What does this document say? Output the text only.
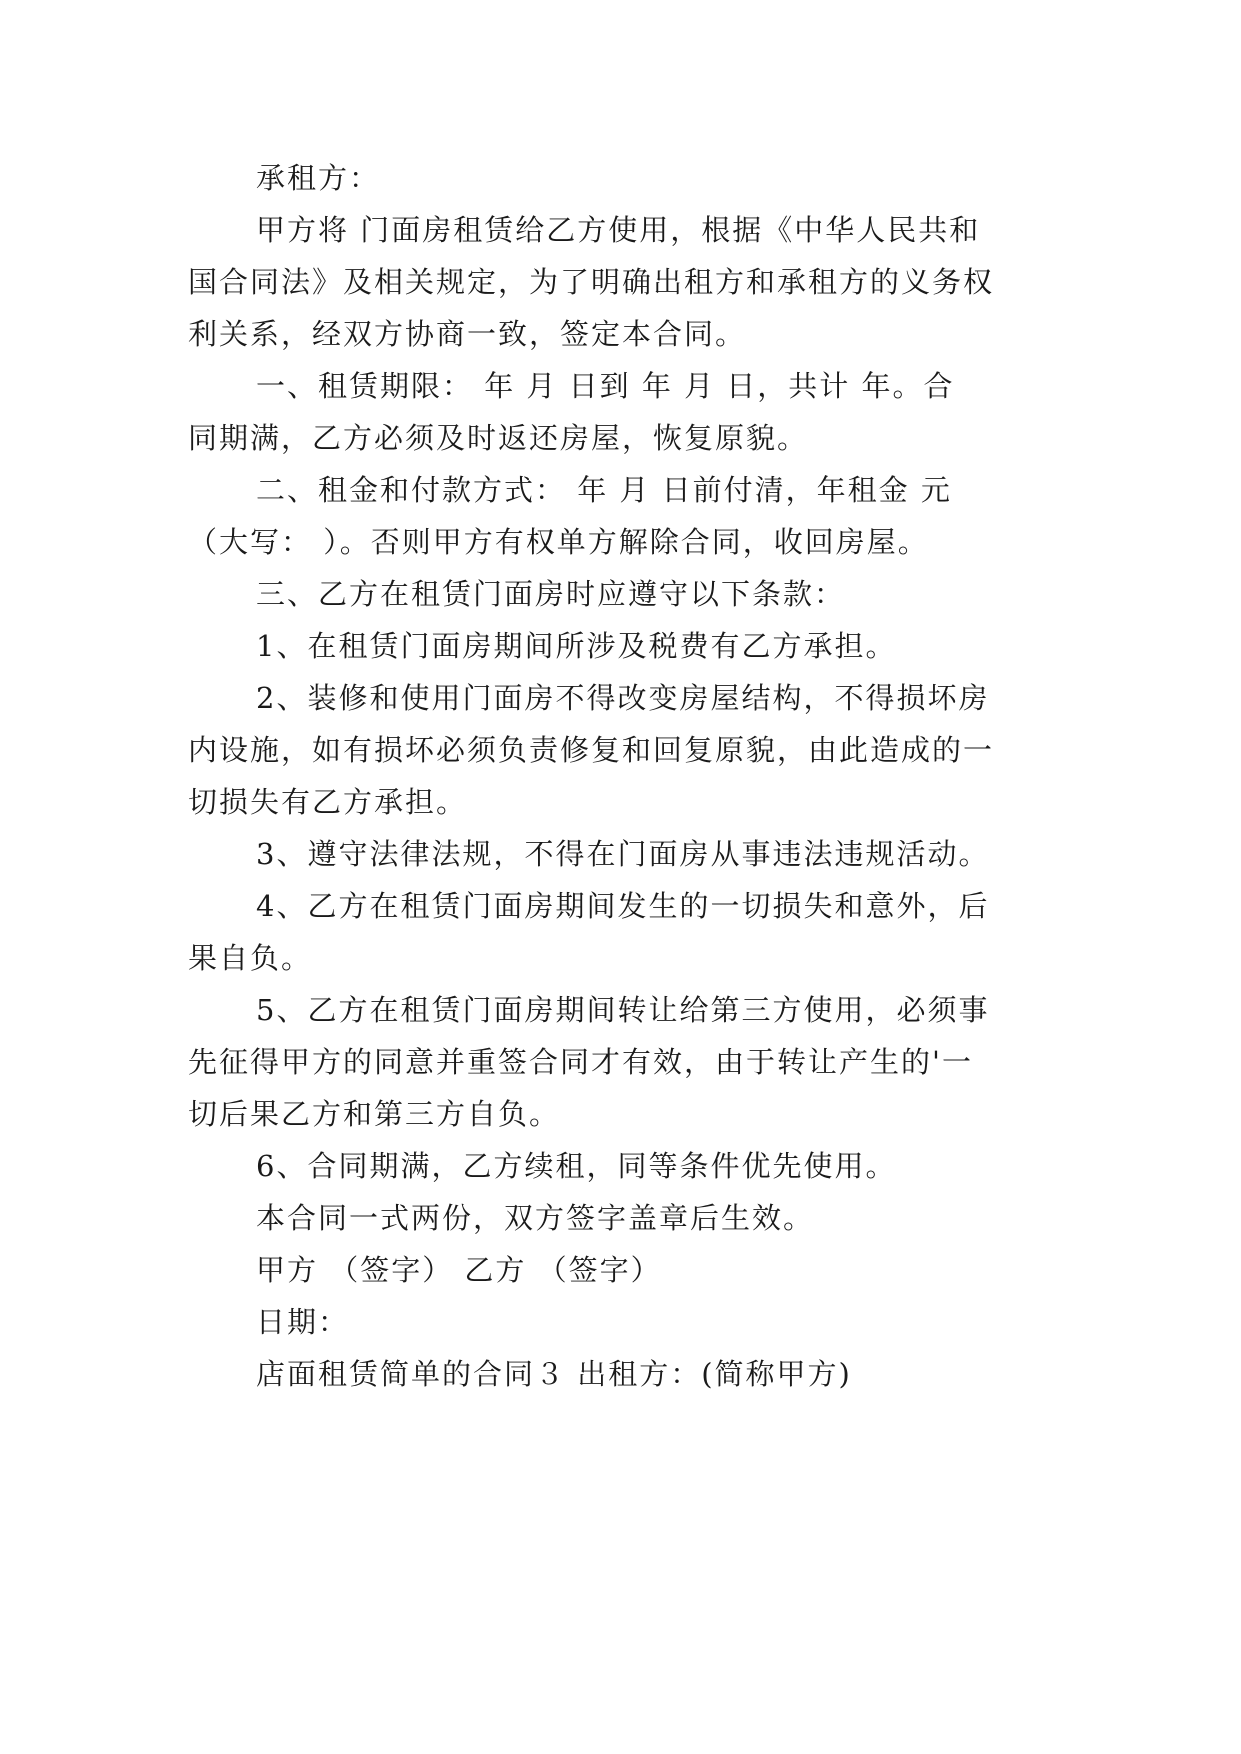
承租方：
甲方将 门面房租赁给乙方使用，根据《中华人民共和
国合同法》及相关规定，为了明确出租方和承租方的义务权
利关系，经双方协商一致，签定本合同。
一、租赁期限： 年 月 日到 年 月 日，共计 年。合
同期满，乙方必须及时返还房屋，恢复原貌。
二、租金和付款方式： 年 月 日前付清，年租金 元
（大写： ）。否则甲方有权单方解除合同，收回房屋。
三、乙方在租赁门面房时应遵守以下条款：
1、在租赁门面房期间所涉及税费有乙方承担。
2、装修和使用门面房不得改变房屋结构，不得损坏房
内设施，如有损坏必须负责修复和回复原貌，由此造成的一
切损失有乙方承担。
3、遵守法律法规，不得在门面房从事违法违规活动。
4、乙方在租赁门面房期间发生的一切损失和意外，后
果自负。
5、乙方在租赁门面房期间转让给第三方使用，必须事
先征得甲方的同意并重签合同才有效，由于转让产生的'一
切后果乙方和第三方自负。
6、合同期满，乙方续租，同等条件优先使用。
本合同一式两份，双方签字盖章后生效。
甲方 （签字） 乙方 （签字）
日期：
店面租赁简单的合同３ 出租方：(简称甲方)
